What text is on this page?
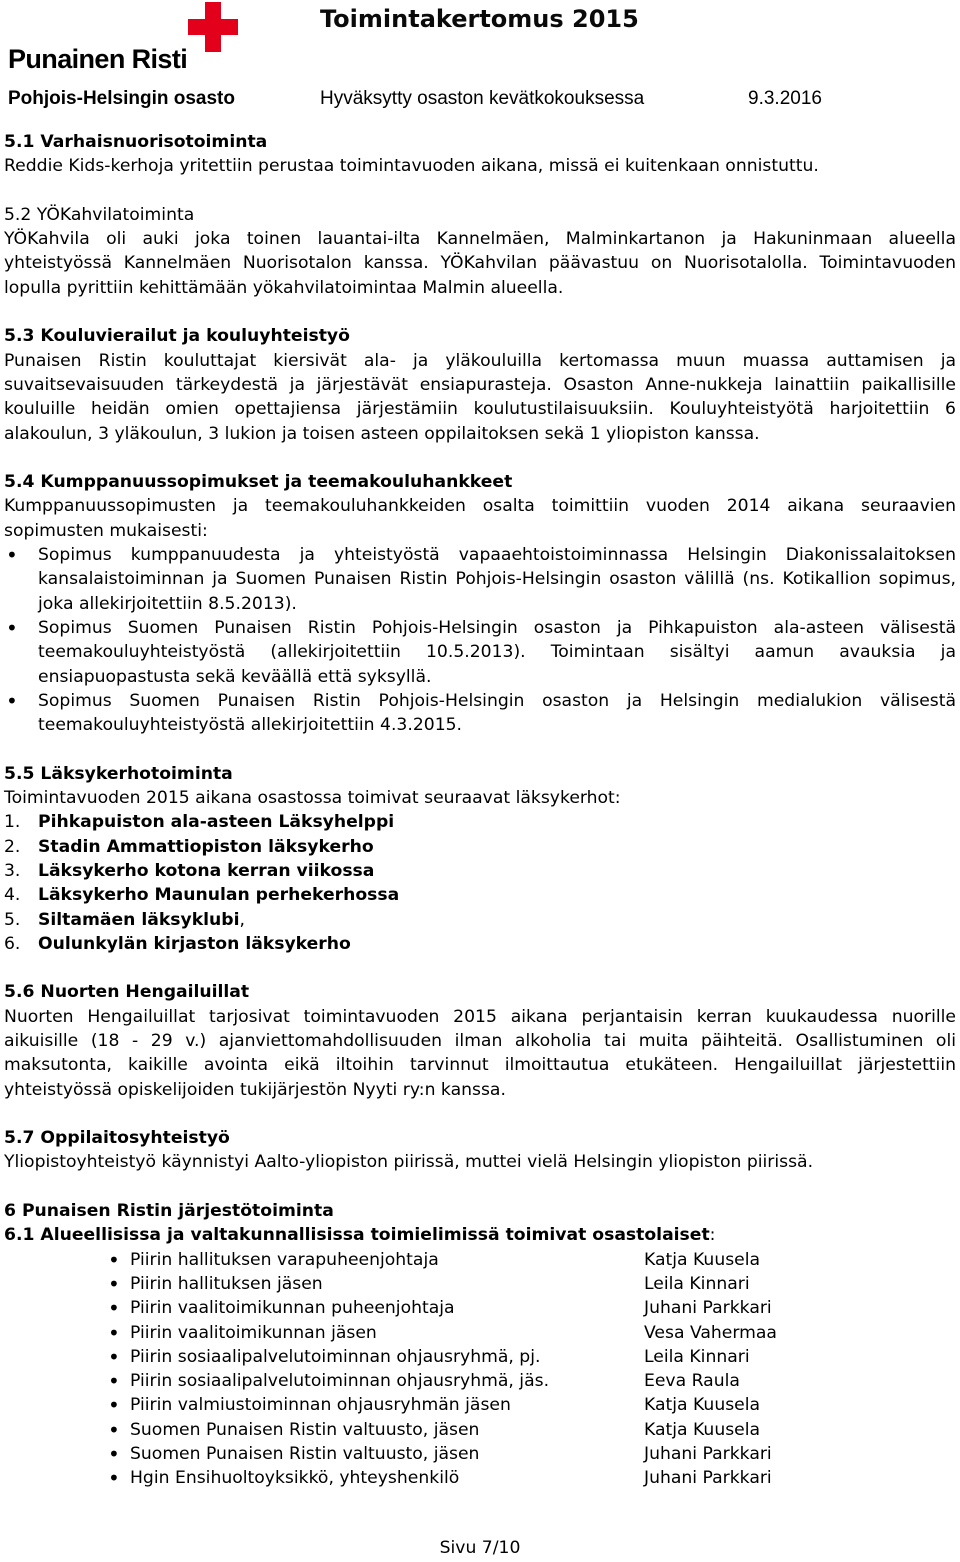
Punainen Risti
Toimintakertomus 2015
Pohjois-Helsingin osasto	Hyväksytty osaston kevätkokouksessa	9.3.2016

5.1 Varhaisnuorisotoiminta

Reddie Kids-kerhoja yritettiin perustaa toimintavuoden aikana, missä ei kuitenkaan onnistuttu.

5.2 YÖKahvilatoiminta

YÖKahvila oli auki joka toinen lauantai-ilta Kannelmäen, Malminkartanon ja Hakuninmaan alueella yhteistyössä Kannelmäen Nuorisotalon kanssa. YÖKahvilan päävastuu on Nuorisotalolla. Toimintavuoden lopulla pyrittiin kehittämään yökahvilatoimintaa Malmin alueella.

5.3 Kouluvierailut ja kouluyhteistyö

Punaisen Ristin kouluttajat kiersivät ala- ja yläkouluilla kertomassa muun muassa auttamisen ja suvaitsevaisuuden tärkeydestä ja järjestävät ensiapurasteja. Osaston Anne-nukkeja lainattiin paikallisille kouluille heidän omien opettajiensa järjestämiin koulutustilaisuuksiin. Kouluyhteistyötä harjoitettiin 6 alakoulun, 3 yläkoulun, 3 lukion ja toisen asteen oppilaitoksen sekä 1 yliopiston kanssa.

5.4 Kumppanuussopimukset ja teemakouluhankkeet

Kumppanuussopimusten ja teemakouluhankkeiden osalta toimittiin vuoden 2014 aikana seuraavien sopimusten mukaisesti:

• Sopimus kumppanuudesta ja yhteistyöstä vapaaehtoistoiminnassa Helsingin Diakonissalaitoksen kansalaistoiminnan ja Suomen Punaisen Ristin Pohjois-Helsingin osaston välillä (ns. Kotikallion sopimus, joka allekirjoitettiin 8.5.2013).
• Sopimus Suomen Punaisen Ristin Pohjois-Helsingin osaston ja Pihkapuiston ala-asteen välisestä teemakouluyhteistyöstä (allekirjoitettiin 10.5.2013). Toimintaan sisältyi aamun avauksia ja ensiapuopastusta sekä keväällä että syksyllä.
• Sopimus Suomen Punaisen Ristin Pohjois-Helsingin osaston ja Helsingin medialukion välisestä teemakouluyhteistyöstä allekirjoitettiin 4.3.2015.

5.5 Läksykerhotoiminta

Toimintavuoden 2015 aikana osastossa toimivat seuraavat läksykerhot:

1.	Pihkapuiston ala-asteen Läksyhelppi
2.	Stadin Ammattiopiston läksykerho
3.	Läksykerho kotona kerran viikossa
4.	Läksykerho Maunulan perhekerhossa
5.	Siltamäen läksyklubi,
6.	Oulunkylän kirjaston läksykerho

5.6 Nuorten Hengailuillat

Nuorten Hengailuillat tarjosivat toimintavuoden 2015 aikana perjantaisin kerran kuukaudessa nuorille aikuisille (18 - 29 v.) ajanviettomahdollisuuden ilman alkoholia tai muita päihteitä. Osallistuminen oli maksutonta, kaikille avointa eikä iltoihin tarvinnut ilmoittautua etukäteen. Hengailuillat järjestettiin yhteistyössä opiskelijoiden tukijärjestön Nyyti ry:n kanssa.

5.7 Oppilaitosyhteistyö

Yliopistoyhteistyö käynnistyi Aalto-yliopiston piirissä, muttei vielä Helsingin yliopiston piirissä.

6 Punaisen Ristin järjestötoiminta

6.1 Alueellisissa ja valtakunnallisissa toimielimissä toimivat osastolaiset:

• Piirin hallituksen varapuheenjohtaja	Katja Kuusela
• Piirin hallituksen jäsen	Leila Kinnari
• Piirin vaalitoimikunnan puheenjohtaja	Juhani Parkkari
• Piirin vaalitoimikunnan jäsen	Vesa Vahermaa
• Piirin sosiaalipalvelutoiminnan ohjausryhmä, pj.	Leila Kinnari
• Piirin sosiaalipalvelutoiminnan ohjausryhmä, jäs.	Eeva Raula
• Piirin valmiustoiminnan ohjausryhmän jäsen	Katja Kuusela
• Suomen Punaisen Ristin valtuusto, jäsen	Katja Kuusela
• Suomen Punaisen Ristin valtuusto, jäsen	Juhani Parkkari
• Hgin Ensihuoltoyksikkö, yhteyshenkilö	Juhani Parkkari
Sivu 7/10
